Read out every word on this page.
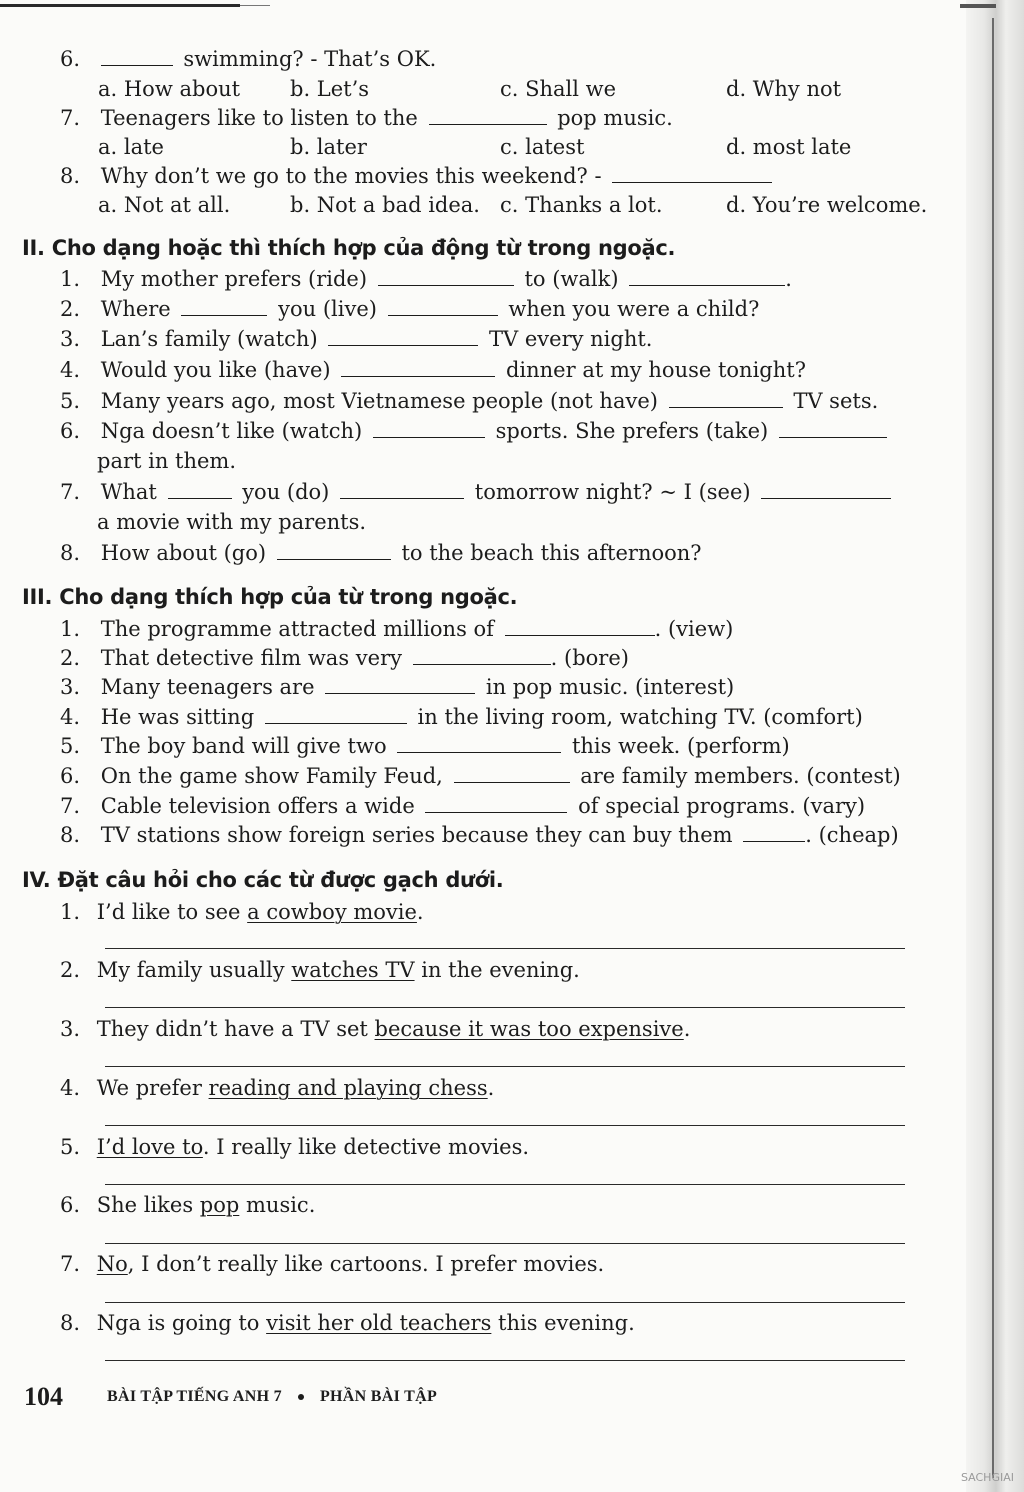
6.	swimming? - That’s OK.
a. How about b. Let’s	c. Shall we	d. Why not
7. Teenagers like to listen to the	pop music.
a. late	b. later	c. latest	d. most late
8. Why don’t we go to the movies this weekend? -
a. Not at all.	b. Not a bad idea. c. Thanks a lot.	d. You’re welcome.
II. Cho dạng hoặc thì thích hợp của động từ trong ngoặc.
1. My mother prefers (ride)	to (walk)	.
2. Where	you (live)	when you were a child?
3. Lan’s family (watch)	TV every night.
4. Would you like (have)	dinner at my house tonight?
5. Many years ago, most Vietnamese people (not have)	TV sets.
6. Nga doesn’t like (watch)	sports. She prefers (take)
part in them.
7. What	you (do)	tomorrow night? ~ I (see)
a movie with my parents.
8. How about (go)	to the beach this afternoon?
III. Cho dạng thích hợp của từ trong ngoặc.
1. The programme attracted millions of	. (view)
2. That detective film was very	. (bore)
3. Many teenagers are	in pop music. (interest)
4. He was sitting	in the living room, watching TV. (comfort)
5. The boy band will give two	this week. (perform)
6. On the game show Family Feud,	are family members. (contest)
7. Cable television offers a wide	of special programs. (vary)
8. TV stations show foreign series because they can buy them	. (cheap)
IV. Đặt câu hỏi cho các từ được gạch dưới.
1. I’d like to see a cowboy movie.
2. My family usually watches TV in the evening.
3. They didn’t have a TV set because it was too expensive.
4. We prefer reading and playing chess.
5. I’d love to. I really like detective movies.
6. She likes pop music.
7. No, I don’t really like cartoons. I prefer movies.
8. Nga is going to visit her old teachers this evening.
104	BÀI TẬP TIẾNG ANH 7 PHẦN BÀI TẬP
SACHGIAI
